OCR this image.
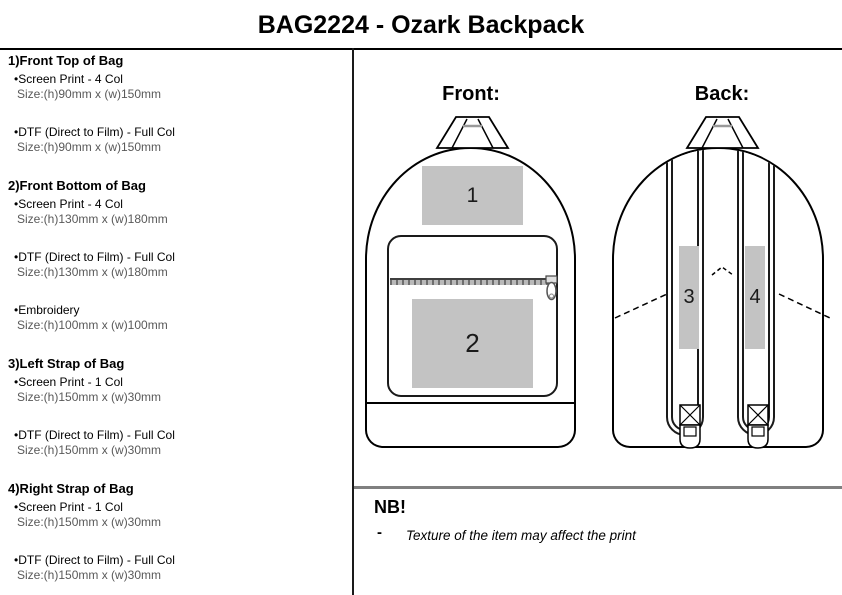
BAG2224 - Ozark Backpack
1)Front Top of Bag
•Screen Print - 4 Col
Size:(h)90mm x (w)150mm
•DTF (Direct to Film) - Full Col
Size:(h)90mm x (w)150mm
2)Front Bottom of Bag
•Screen Print - 4 Col
Size:(h)130mm x (w)180mm
•DTF (Direct to Film) - Full Col
Size:(h)130mm x (w)180mm
•Embroidery
Size:(h)100mm x (w)100mm
3)Left Strap of Bag
•Screen Print - 1 Col
Size:(h)150mm x (w)30mm
•DTF (Direct to Film) - Full Col
Size:(h)150mm x (w)30mm
4)Right Strap of Bag
•Screen Print - 1 Col
Size:(h)150mm x (w)30mm
•DTF (Direct to Film) - Full Col
Size:(h)150mm x (w)30mm
Front:	Back:
1
2
3	4
NB!
- Texture of the item may affect the print
